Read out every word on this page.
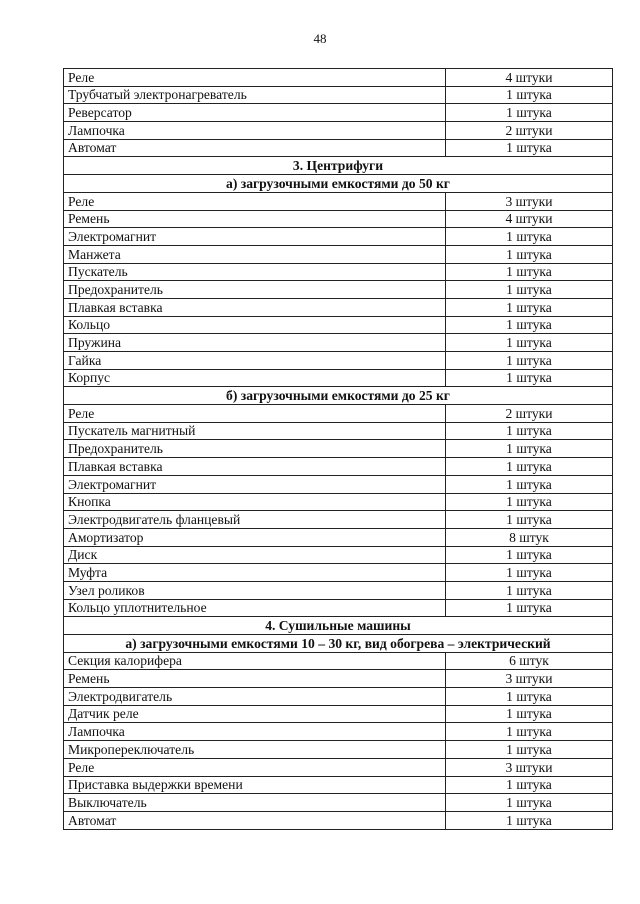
48
Реле	4 штуки
Трубчатый электронагреватель	1 штука
Реверсатор	1 штука
Лампочка	2 штуки
Автомат	1 штука
3. Центрифуги	
а) загрузочными емкостями до 50 кг	
Реле	3 штуки
Ремень	4 штуки
Электромагнит	1 штука
Манжета	1 штука
Пускатель	1 штука
Предохранитель	1 штука
Плавкая вставка	1 штука
Кольцо	1 штука
Пружина	1 штука
Гайка	1 штука
Корпус	1 штука
б) загрузочными емкостями до 25 кг	
Реле	2 штуки
Пускатель магнитный	1 штука
Предохранитель	1 штука
Плавкая вставка	1 штука
Электромагнит	1 штука
Кнопка	1 штука
Электродвигатель фланцевый	1 штука
Амортизатор	8 штук
Диск	1 штука
Муфта	1 штука
Узел роликов	1 штука
Кольцо уплотнительное	1 штука
4. Сушильные машины	
а) загрузочными емкостями 10 – 30 кг, вид обогрева – электрический	
Секция калорифера	6 штук
Ремень	3 штуки
Электродвигатель	1 штука
Датчик реле	1 штука
Лампочка	1 штука
Микропереключатель	1 штука
Реле	3 штуки
Приставка выдержки времени	1 штука
Выключатель	1 штука
Автомат	1 штука
